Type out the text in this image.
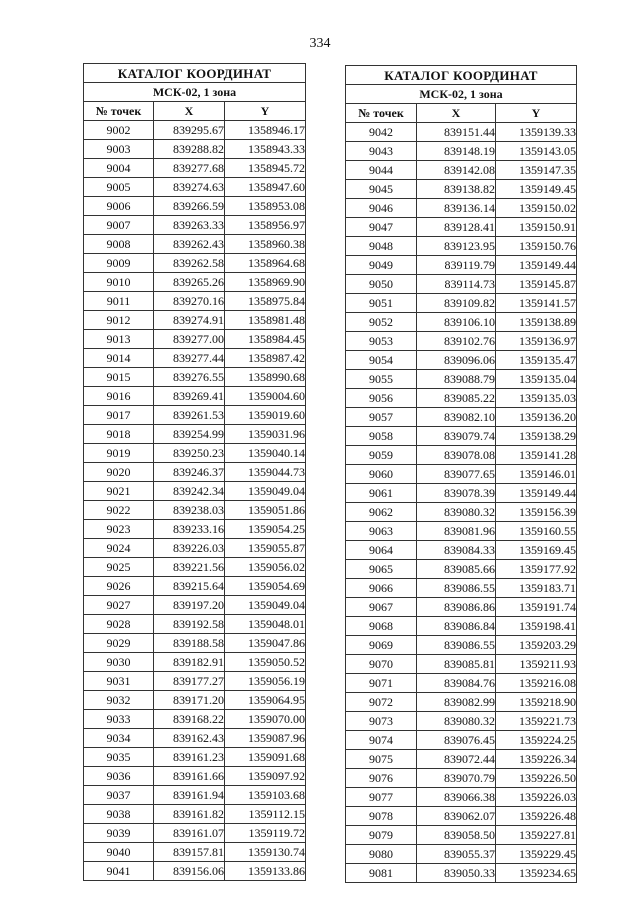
334
КАТАЛОГ КООРДИНАТ		
МСК-02, 1 зона		
№ точек	X	Y
9002	839295.67	1358946.17
9003	839288.82	1358943.33
9004	839277.68	1358945.72
9005	839274.63	1358947.60
9006	839266.59	1358953.08
9007	839263.33	1358956.97
9008	839262.43	1358960.38
9009	839262.58	1358964.68
9010	839265.26	1358969.90
9011	839270.16	1358975.84
9012	839274.91	1358981.48
9013	839277.00	1358984.45
9014	839277.44	1358987.42
9015	839276.55	1358990.68
9016	839269.41	1359004.60
9017	839261.53	1359019.60
9018	839254.99	1359031.96
9019	839250.23	1359040.14
9020	839246.37	1359044.73
9021	839242.34	1359049.04
9022	839238.03	1359051.86
9023	839233.16	1359054.25
9024	839226.03	1359055.87
9025	839221.56	1359056.02
9026	839215.64	1359054.69
9027	839197.20	1359049.04
9028	839192.58	1359048.01
9029	839188.58	1359047.86
9030	839182.91	1359050.52
9031	839177.27	1359056.19
9032	839171.20	1359064.95
9033	839168.22	1359070.00
9034	839162.43	1359087.96
9035	839161.23	1359091.68
9036	839161.66	1359097.92
9037	839161.94	1359103.68
9038	839161.82	1359112.15
9039	839161.07	1359119.72
9040	839157.81	1359130.74
9041	839156.06	1359133.86
КАТАЛОГ КООРДИНАТ		
МСК-02, 1 зона		
№ точек	X	Y
9042	839151.44	1359139.33
9043	839148.19	1359143.05
9044	839142.08	1359147.35
9045	839138.82	1359149.45
9046	839136.14	1359150.02
9047	839128.41	1359150.91
9048	839123.95	1359150.76
9049	839119.79	1359149.44
9050	839114.73	1359145.87
9051	839109.82	1359141.57
9052	839106.10	1359138.89
9053	839102.76	1359136.97
9054	839096.06	1359135.47
9055	839088.79	1359135.04
9056	839085.22	1359135.03
9057	839082.10	1359136.20
9058	839079.74	1359138.29
9059	839078.08	1359141.28
9060	839077.65	1359146.01
9061	839078.39	1359149.44
9062	839080.32	1359156.39
9063	839081.96	1359160.55
9064	839084.33	1359169.45
9065	839085.66	1359177.92
9066	839086.55	1359183.71
9067	839086.86	1359191.74
9068	839086.84	1359198.41
9069	839086.55	1359203.29
9070	839085.81	1359211.93
9071	839084.76	1359216.08
9072	839082.99	1359218.90
9073	839080.32	1359221.73
9074	839076.45	1359224.25
9075	839072.44	1359226.34
9076	839070.79	1359226.50
9077	839066.38	1359226.03
9078	839062.07	1359226.48
9079	839058.50	1359227.81
9080	839055.37	1359229.45
9081	839050.33	1359234.65
